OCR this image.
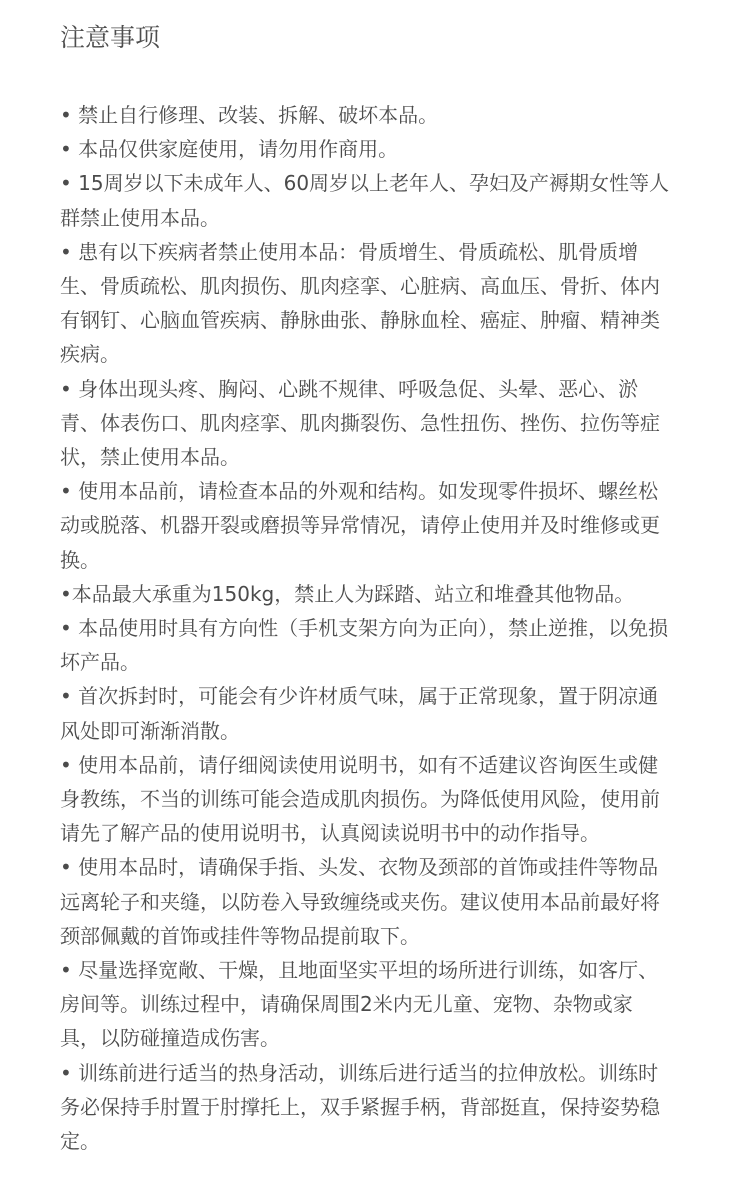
注意事项
• 禁止自行修理、改装、拆解、破坏本品。
• 本品仅供家庭使用，请勿用作商用。
• 15周岁以下未成年人、60周岁以上老年人、孕妇及产褥期女性等人群禁止使用本品。
• 患有以下疾病者禁止使用本品：骨质增生、骨质疏松、肌骨质增生、骨质疏松、肌肉损伤、肌肉痉挛、心脏病、高血压、骨折、体内有钢钉、心脑血管疾病、静脉曲张、静脉血栓、癌症、肿瘤、精神类疾病。
• 身体出现头疼、胸闷、心跳不规律、呼吸急促、头晕、恶心、淤青、体表伤口、肌肉痉挛、肌肉撕裂伤、急性扭伤、挫伤、拉伤等症状，禁止使用本品。
• 使用本品前，请检查本品的外观和结构。如发现零件损坏、螺丝松动或脱落、机器开裂或磨损等异常情况，请停止使用并及时维修或更换。
•本品最大承重为150kg，禁止人为踩踏、站立和堆叠其他物品。
• 本品使用时具有方向性（手机支架方向为正向），禁止逆推，以免损坏产品。
• 首次拆封时，可能会有少许材质气味，属于正常现象，置于阴凉通风处即可渐渐消散。
• 使用本品前，请仔细阅读使用说明书，如有不适建议咨询医生或健身教练，不当的训练可能会造成肌肉损伤。为降低使用风险，使用前请先了解产品的使用说明书，认真阅读说明书中的动作指导。
• 使用本品时，请确保手指、头发、衣物及颈部的首饰或挂件等物品远离轮子和夹缝，以防卷入导致缠绕或夹伤。建议使用本品前最好将颈部佩戴的首饰或挂件等物品提前取下。
• 尽量选择宽敞、干燥，且地面坚实平坦的场所进行训练，如客厅、房间等。训练过程中，请确保周围2米内无儿童、宠物、杂物或家具，以防碰撞造成伤害。
• 训练前进行适当的热身活动，训练后进行适当的拉伸放松。训练时务必保持手肘置于肘撑托上，双手紧握手柄，背部挺直，保持姿势稳定。
